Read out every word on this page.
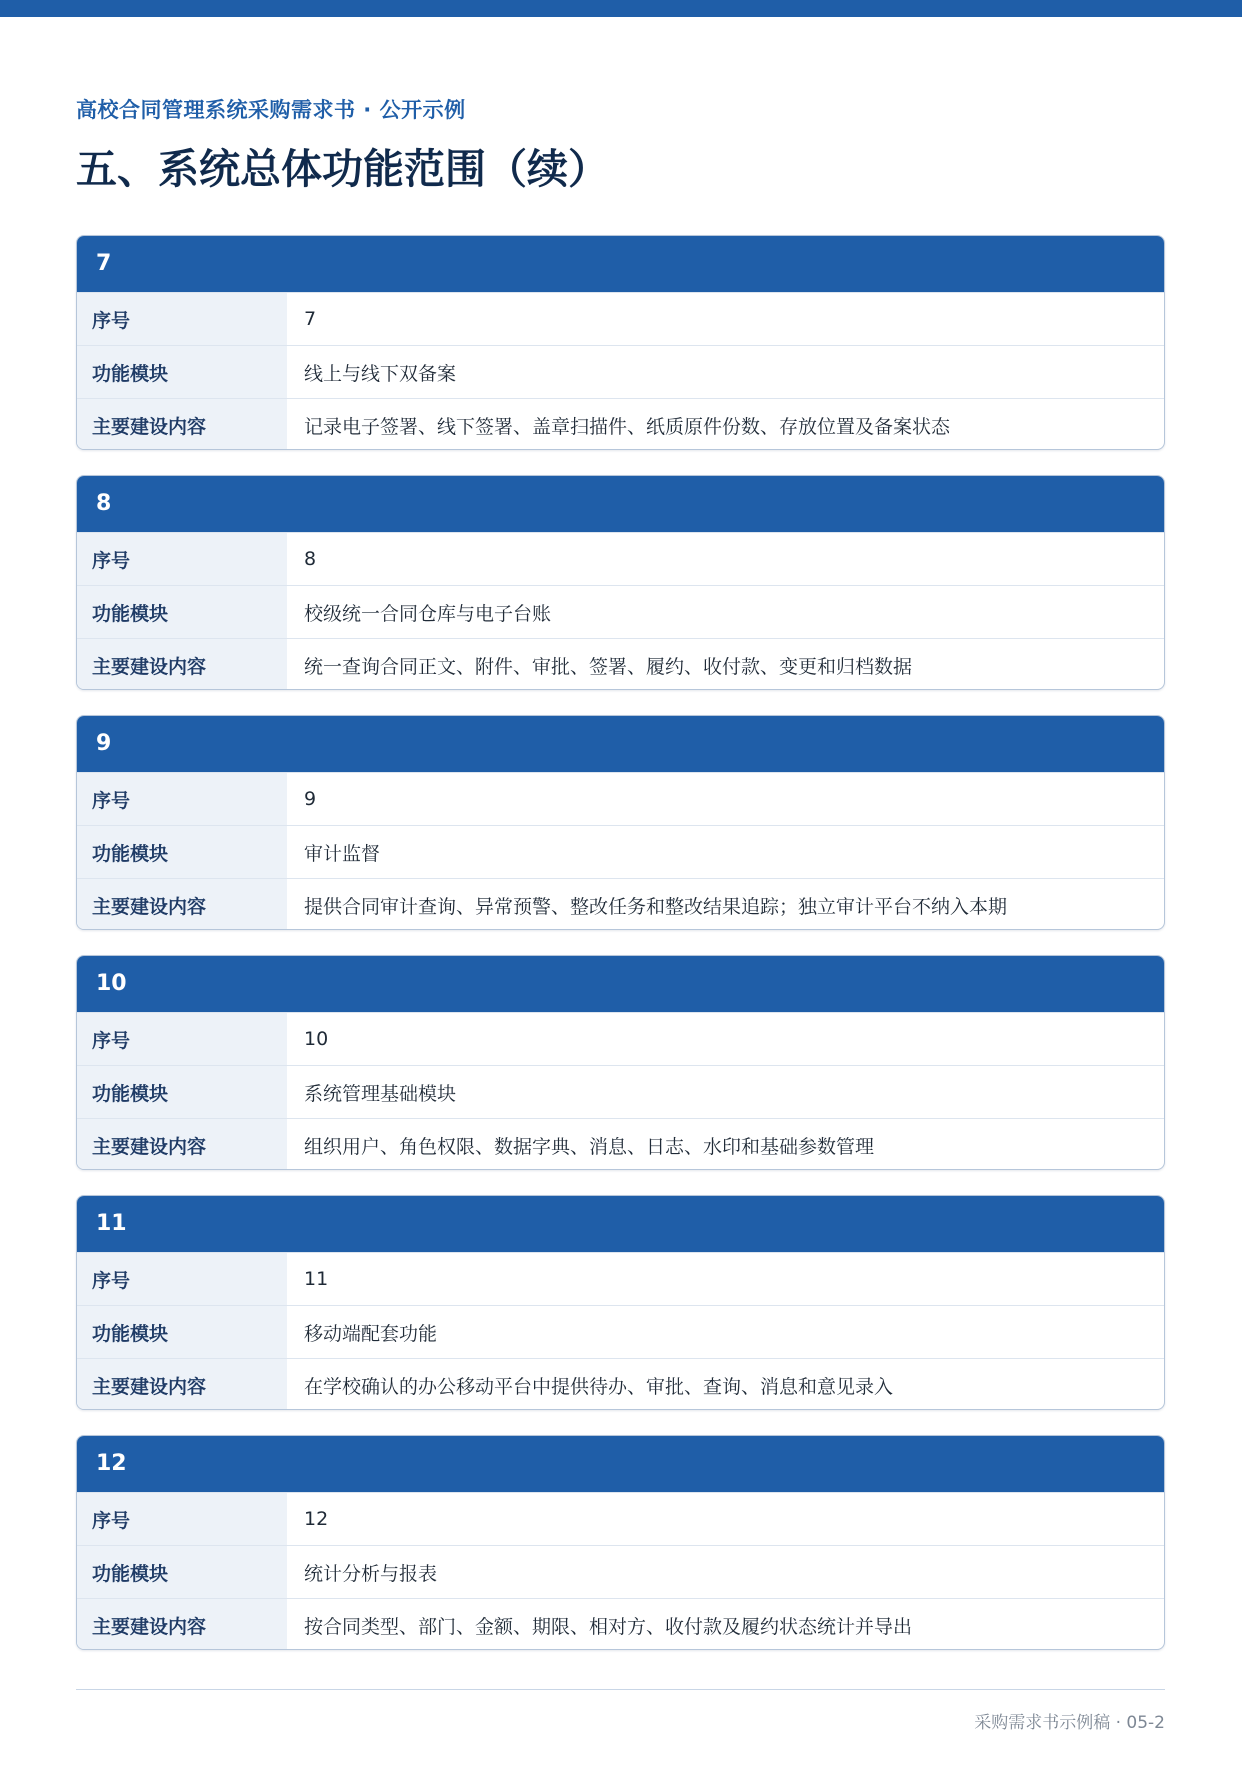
高校合同管理系统采购需求书 · 公开示例
五、系统总体功能范围（续）
7
序号	7
功能模块	线上与线下双备案
主要建设内容	记录电子签署、线下签署、盖章扫描件、纸质原件份数、存放位置及备案状态
8
序号	8
功能模块	校级统一合同仓库与电子台账
主要建设内容	统一查询合同正文、附件、审批、签署、履约、收付款、变更和归档数据
9
序号	9
功能模块	审计监督
主要建设内容	提供合同审计查询、异常预警、整改任务和整改结果追踪；独立审计平台不纳入本期
10
序号	10
功能模块	系统管理基础模块
主要建设内容	组织用户、角色权限、数据字典、消息、日志、水印和基础参数管理
11
序号	11
功能模块	移动端配套功能
主要建设内容	在学校确认的办公移动平台中提供待办、审批、查询、消息和意见录入
12
序号	12
功能模块	统计分析与报表
主要建设内容	按合同类型、部门、金额、期限、相对方、收付款及履约状态统计并导出
采购需求书示例稿 · 05-2
